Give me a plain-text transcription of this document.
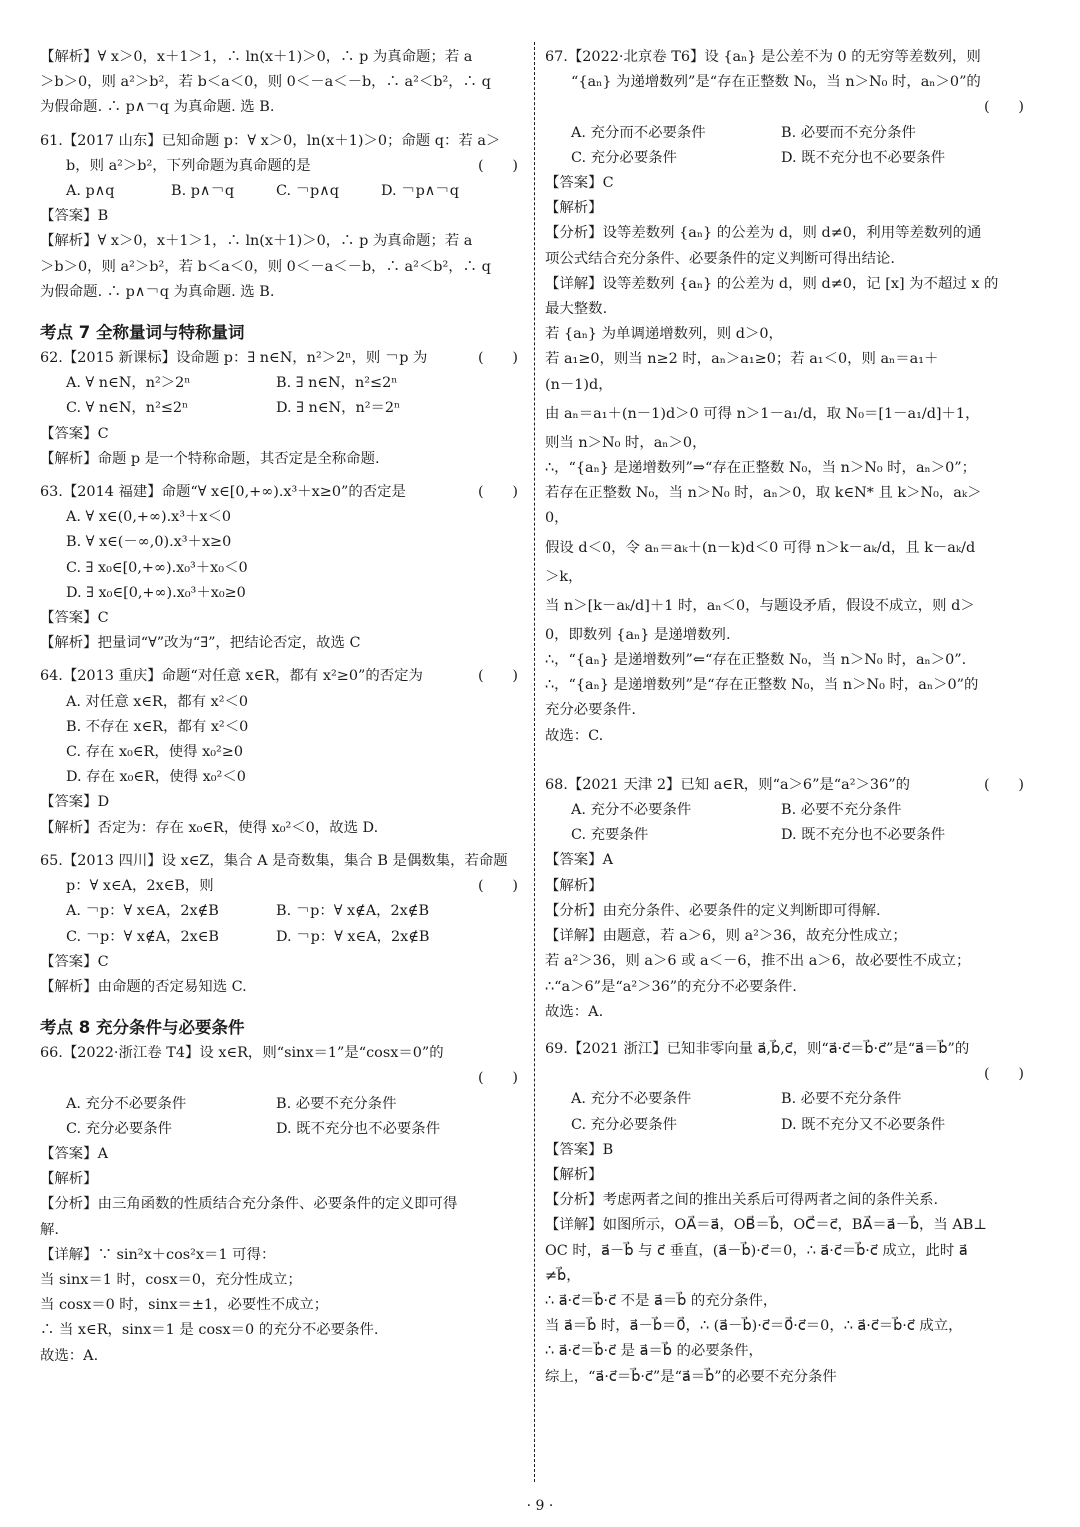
【解析】∀ x＞0，x＋1＞1，∴ ln(x＋1)＞0，∴ p 为真命题；若 a
＞b＞0，则 a²＞b²，若 b＜a＜0，则 0＜－a＜－b，∴ a²＜b²，∴ q
为假命题. ∴ p∧￢q 为真命题. 选 B.
61.【2017 山东】已知命题 p：∀ x＞0，ln(x＋1)＞0；命题 q：若 a＞
(　　)
b，则 a²＞b²，下列命题为真命题的是
A. p∧q	B. p∧￢q	C. ￢p∧q	D. ￢p∧￢q
【答案】B
【解析】∀ x＞0，x＋1＞1，∴ ln(x＋1)＞0，∴ p 为真命题；若 a
＞b＞0，则 a²＞b²，若 b＜a＜0，则 0＜－a＜－b，∴ a²＜b²，∴ q
为假命题. ∴ p∧￢q 为真命题. 选 B.
考点 7 全称量词与特称量词
(　　)
62.【2015 新课标】设命题 p：∃ n∈N，n²＞2ⁿ，则 ￢p 为
A. ∀ n∈N，n²＞2ⁿ	B. ∃ n∈N，n²≤2ⁿ
C. ∀ n∈N，n²≤2ⁿ	D. ∃ n∈N，n²＝2ⁿ
【答案】C
【解析】命题 p 是一个特称命题，其否定是全称命题.
(　　)
63.【2014 福建】命题“∀ x∈[0,+∞).x³＋x≥0”的否定是
A. ∀ x∈(0,+∞).x³＋x＜0
B. ∀ x∈(－∞,0).x³＋x≥0
C. ∃ x₀∈[0,+∞).x₀³＋x₀＜0
D. ∃ x₀∈[0,+∞).x₀³＋x₀≥0
【答案】C
【解析】把量词“∀”改为“∃”，把结论否定，故选 C
(　　)
64.【2013 重庆】命题“对任意 x∈R，都有 x²≥0”的否定为
A. 对任意 x∈R，都有 x²＜0
B. 不存在 x∈R，都有 x²＜0
C. 存在 x₀∈R，使得 x₀²≥0
D. 存在 x₀∈R，使得 x₀²＜0
【答案】D
【解析】否定为：存在 x₀∈R，使得 x₀²＜0，故选 D.
65.【2013 四川】设 x∈Z，集合 A 是奇数集，集合 B 是偶数集，若命题
(　　)
p：∀ x∈A，2x∈B，则
A. ￢p：∀ x∈A，2x∉B	B. ￢p：∀ x∉A，2x∉B
C. ￢p：∀ x∉A，2x∈B	D. ￢p：∀ x∈A，2x∉B
【答案】C
【解析】由命题的否定易知选 C.
考点 8 充分条件与必要条件
66.【2022·浙江卷 T4】设 x∈R，则“sinx＝1”是“cosx＝0”的
(　　)

A. 充分不必要条件	B. 必要不充分条件
C. 充分必要条件	D. 既不充分也不必要条件
【答案】A
【解析】
【分析】由三角函数的性质结合充分条件、必要条件的定义即可得
解.
【详解】∵ sin²x＋cos²x＝1 可得：
当 sinx＝1 时，cosx＝0，充分性成立；
当 cosx＝0 时，sinx＝±1，必要性不成立；
∴ 当 x∈R，sinx＝1 是 cosx＝0 的充分不必要条件.
故选：A.
67.【2022·北京卷 T6】设 {aₙ} 是公差不为 0 的无穷等差数列，则
“{aₙ} 为递增数列”是“存在正整数 N₀，当 n＞N₀ 时，aₙ＞0”的
(　　)

A. 充分而不必要条件	B. 必要而不充分条件
C. 充分必要条件	D. 既不充分也不必要条件
【答案】C
【解析】
【分析】设等差数列 {aₙ} 的公差为 d，则 d≠0，利用等差数列的通
项公式结合充分条件、必要条件的定义判断可得出结论.
【详解】设等差数列 {aₙ} 的公差为 d，则 d≠0，记 [x] 为不超过 x 的
最大整数.
若 {aₙ} 为单调递增数列，则 d＞0，
若 a₁≥0，则当 n≥2 时，aₙ＞a₁≥0；若 a₁＜0，则 aₙ＝a₁＋
(n－1)d，
由 aₙ＝a₁＋(n－1)d＞0 可得 n＞1－a₁/d，取 N₀＝[1－a₁/d]＋1，
则当 n＞N₀ 时，aₙ＞0，
∴，“{aₙ} 是递增数列”⇒“存在正整数 N₀，当 n＞N₀ 时，aₙ＞0”；
若存在正整数 N₀，当 n＞N₀ 时，aₙ＞0，取 k∈N* 且 k＞N₀，aₖ＞
0，
假设 d＜0，令 aₙ＝aₖ＋(n－k)d＜0 可得 n＞k－aₖ/d，且 k－aₖ/d
＞k，
当 n＞[k－aₖ/d]＋1 时，aₙ＜0，与题设矛盾，假设不成立，则 d＞
0，即数列 {aₙ} 是递增数列.
∴，“{aₙ} 是递增数列”⇐“存在正整数 N₀，当 n＞N₀ 时，aₙ＞0”.
∴，“{aₙ} 是递增数列”是“存在正整数 N₀，当 n＞N₀ 时，aₙ＞0”的
充分必要条件.
故选：C.
(　　)
68.【2021 天津 2】已知 a∈R，则“a＞6”是“a²＞36”的
A. 充分不必要条件	B. 必要不充分条件
C. 充要条件	D. 既不充分也不必要条件
【答案】A
【解析】
【分析】由充分条件、必要条件的定义判断即可得解.
【详解】由题意，若 a＞6，则 a²＞36，故充分性成立；
若 a²＞36，则 a＞6 或 a＜－6，推不出 a＞6，故必要性不成立；
∴“a＞6”是“a²＞36”的充分不必要条件.
故选：A.
69.【2021 浙江】已知非零向量 a⃗,b⃗,c⃗，则“a⃗·c⃗＝b⃗·c⃗”是“a⃗＝b⃗”的
(　　)

A. 充分不必要条件	B. 必要不充分条件
C. 充分必要条件	D. 既不充分又不必要条件
【答案】B
【解析】
【分析】考虑两者之间的推出关系后可得两者之间的条件关系.
【详解】如图所示，OA⃗＝a⃗，OB⃗＝b⃗，OC⃗＝c⃗，BA⃗＝a⃗－b⃗，当 AB⊥
OC 时，a⃗－b⃗ 与 c⃗ 垂直，(a⃗－b⃗)·c⃗＝0，∴ a⃗·c⃗＝b⃗·c⃗ 成立，此时 a⃗
≠b⃗，
∴ a⃗·c⃗＝b⃗·c⃗ 不是 a⃗＝b⃗ 的充分条件，
当 a⃗＝b⃗ 时，a⃗－b⃗＝0⃗，∴ (a⃗－b⃗)·c⃗＝0⃗·c⃗＝0，∴ a⃗·c⃗＝b⃗·c⃗ 成立，
∴ a⃗·c⃗＝b⃗·c⃗ 是 a⃗＝b⃗ 的必要条件，
综上，“a⃗·c⃗＝b⃗·c⃗”是“a⃗＝b⃗”的必要不充分条件
· 9 ·
